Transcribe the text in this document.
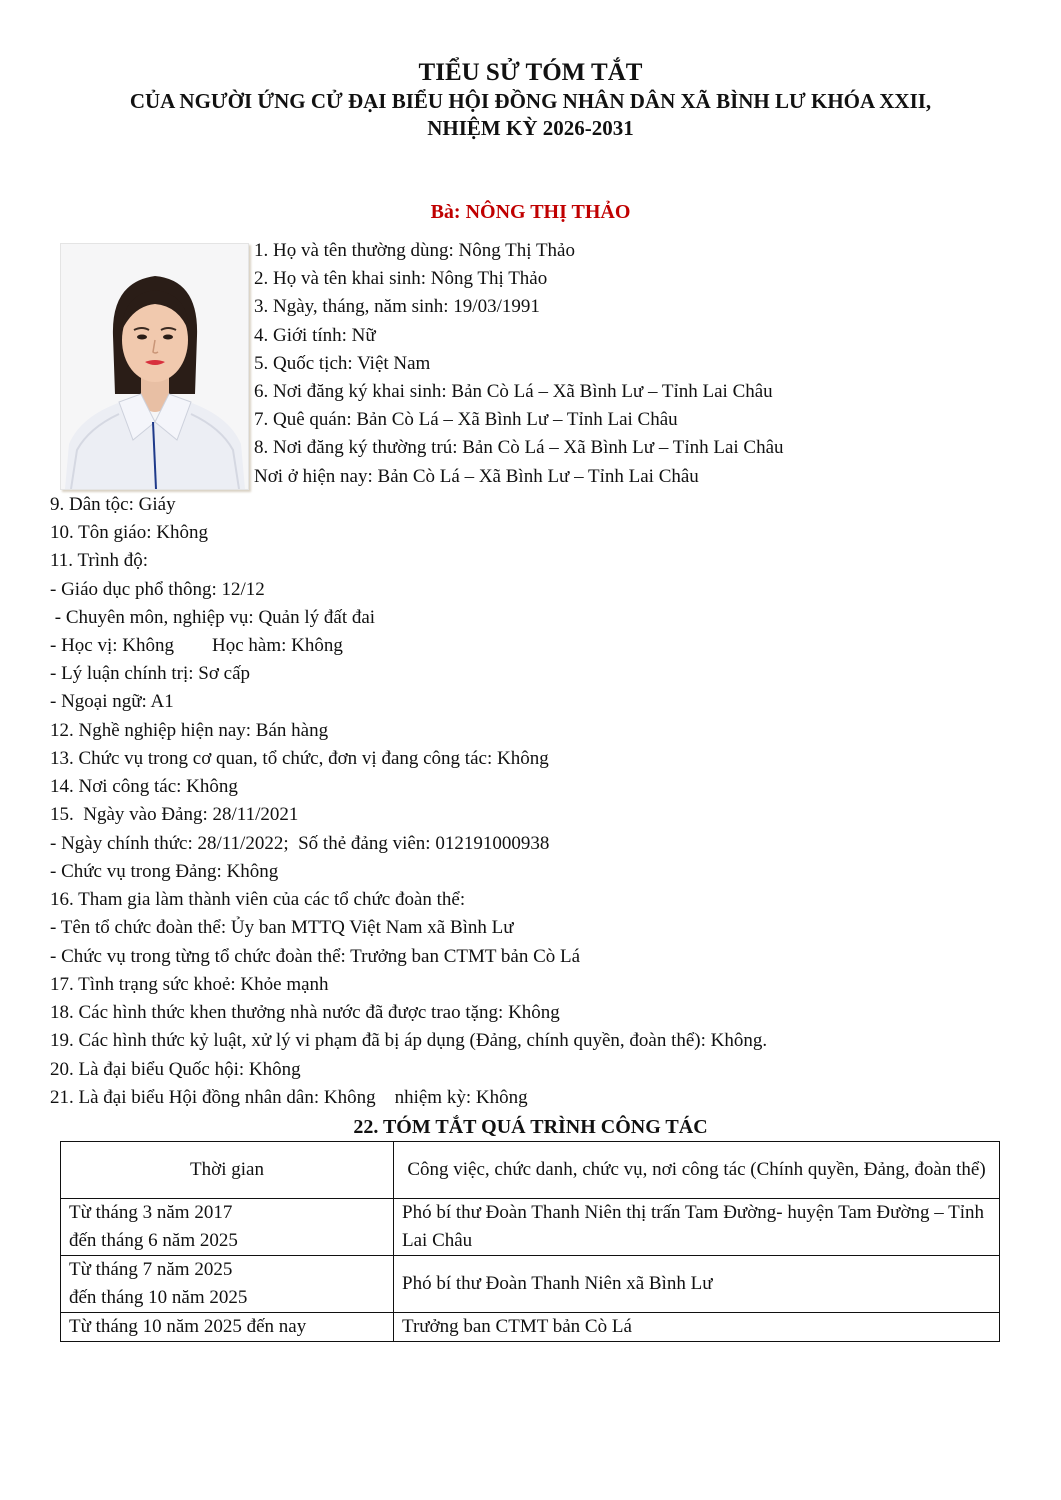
TIỂU SỬ TÓM TẮT
CỦA NGƯỜI ỨNG CỬ ĐẠI BIỂU HỘI ĐỒNG NHÂN DÂN XÃ BÌNH LƯ KHÓA XXII,
NHIỆM KỲ 2026-2031
Bà: NÔNG THỊ THẢO
1. Họ và tên thường dùng: Nông Thị Thảo
2. Họ và tên khai sinh: Nông Thị Thảo
3. Ngày, tháng, năm sinh: 19/03/1991
4. Giới tính: Nữ
5. Quốc tịch: Việt Nam
6. Nơi đăng ký khai sinh: Bản Cò Lá – Xã Bình Lư – Tỉnh Lai Châu
7. Quê quán: Bản Cò Lá – Xã Bình Lư – Tỉnh Lai Châu
8. Nơi đăng ký thường trú: Bản Cò Lá – Xã Bình Lư – Tỉnh Lai Châu
Nơi ở hiện nay: Bản Cò Lá – Xã Bình Lư – Tỉnh Lai Châu
9. Dân tộc: Giáy
10. Tôn giáo: Không
11. Trình độ:
- Giáo dục phổ thông: 12/12
- Chuyên môn, nghiệp vụ: Quản lý đất đai
- Học vị: Không        Học hàm: Không
- Lý luận chính trị: Sơ cấp
- Ngoại ngữ: A1
12. Nghề nghiệp hiện nay: Bán hàng
13. Chức vụ trong cơ quan, tổ chức, đơn vị đang công tác: Không
14. Nơi công tác: Không
15.  Ngày vào Đảng: 28/11/2021
- Ngày chính thức: 28/11/2022;  Số thẻ đảng viên: 012191000938
- Chức vụ trong Đảng: Không
16. Tham gia làm thành viên của các tổ chức đoàn thể:
- Tên tổ chức đoàn thể: Ủy ban MTTQ Việt Nam xã Bình Lư
- Chức vụ trong từng tổ chức đoàn thể: Trưởng ban CTMT bản Cò Lá
17. Tình trạng sức khoẻ: Khỏe mạnh
18. Các hình thức khen thưởng nhà nước đã được trao tặng: Không
19. Các hình thức kỷ luật, xử lý vi phạm đã bị áp dụng (Đảng, chính quyền, đoàn thể): Không.
20. Là đại biểu Quốc hội: Không
21. Là đại biểu Hội đồng nhân dân: Không    nhiệm kỳ: Không
22. TÓM TẮT QUÁ TRÌNH CÔNG TÁC
Thời gian	Công việc, chức danh, chức vụ, nơi công tác (Chính quyền, Đảng, đoàn thể)
Từ tháng 3 năm 2017
đến tháng 6 năm 2025	Phó bí thư Đoàn Thanh Niên thị trấn Tam Đường- huyện Tam Đường – Tỉnh Lai Châu
Từ tháng 7 năm 2025
đến tháng 10 năm 2025	Phó bí thư Đoàn Thanh Niên xã Bình Lư
Từ tháng 10 năm 2025 đến nay	Trưởng ban CTMT bản Cò Lá
